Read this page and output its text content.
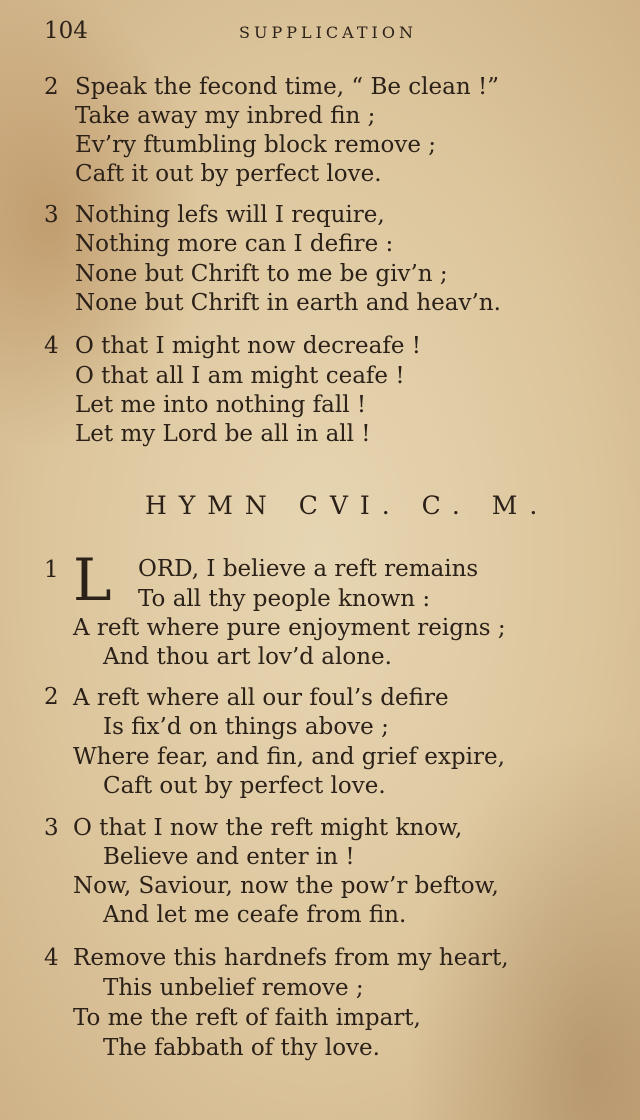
104	SUPPLICATION
2 Speak the fecond time, “ Be clean !”
Take away my inbred fin ;
Ev’ry ftumbling block remove ;
Caft it out by perfect love.
3 Nothing lefs will I require,
Nothing more can I defire :
None but Chrift to me be giv’n ;
None but Chrift in earth and heav’n.
4 O that I might now decreafe !
O that all I am might ceafe !
Let me into nothing fall !
Let my Lord be all in all !
HYMN CVI. C. M.
1 L ORD, I believe a reft remains
To all thy people known :
A reft where pure enjoyment reigns ;
And thou art lov’d alone.
2 A reft where all our foul’s defire
Is fix’d on things above ;
Where fear, and fin, and grief expire,
Caft out by perfect love.
3 O that I now the reft might know,
Believe and enter in !
Now, Saviour, now the pow’r beftow,
And let me ceafe from fin.
4 Remove this hardnefs from my heart,
This unbelief remove ;
To me the reft of faith impart,
The fabbath of thy love.
